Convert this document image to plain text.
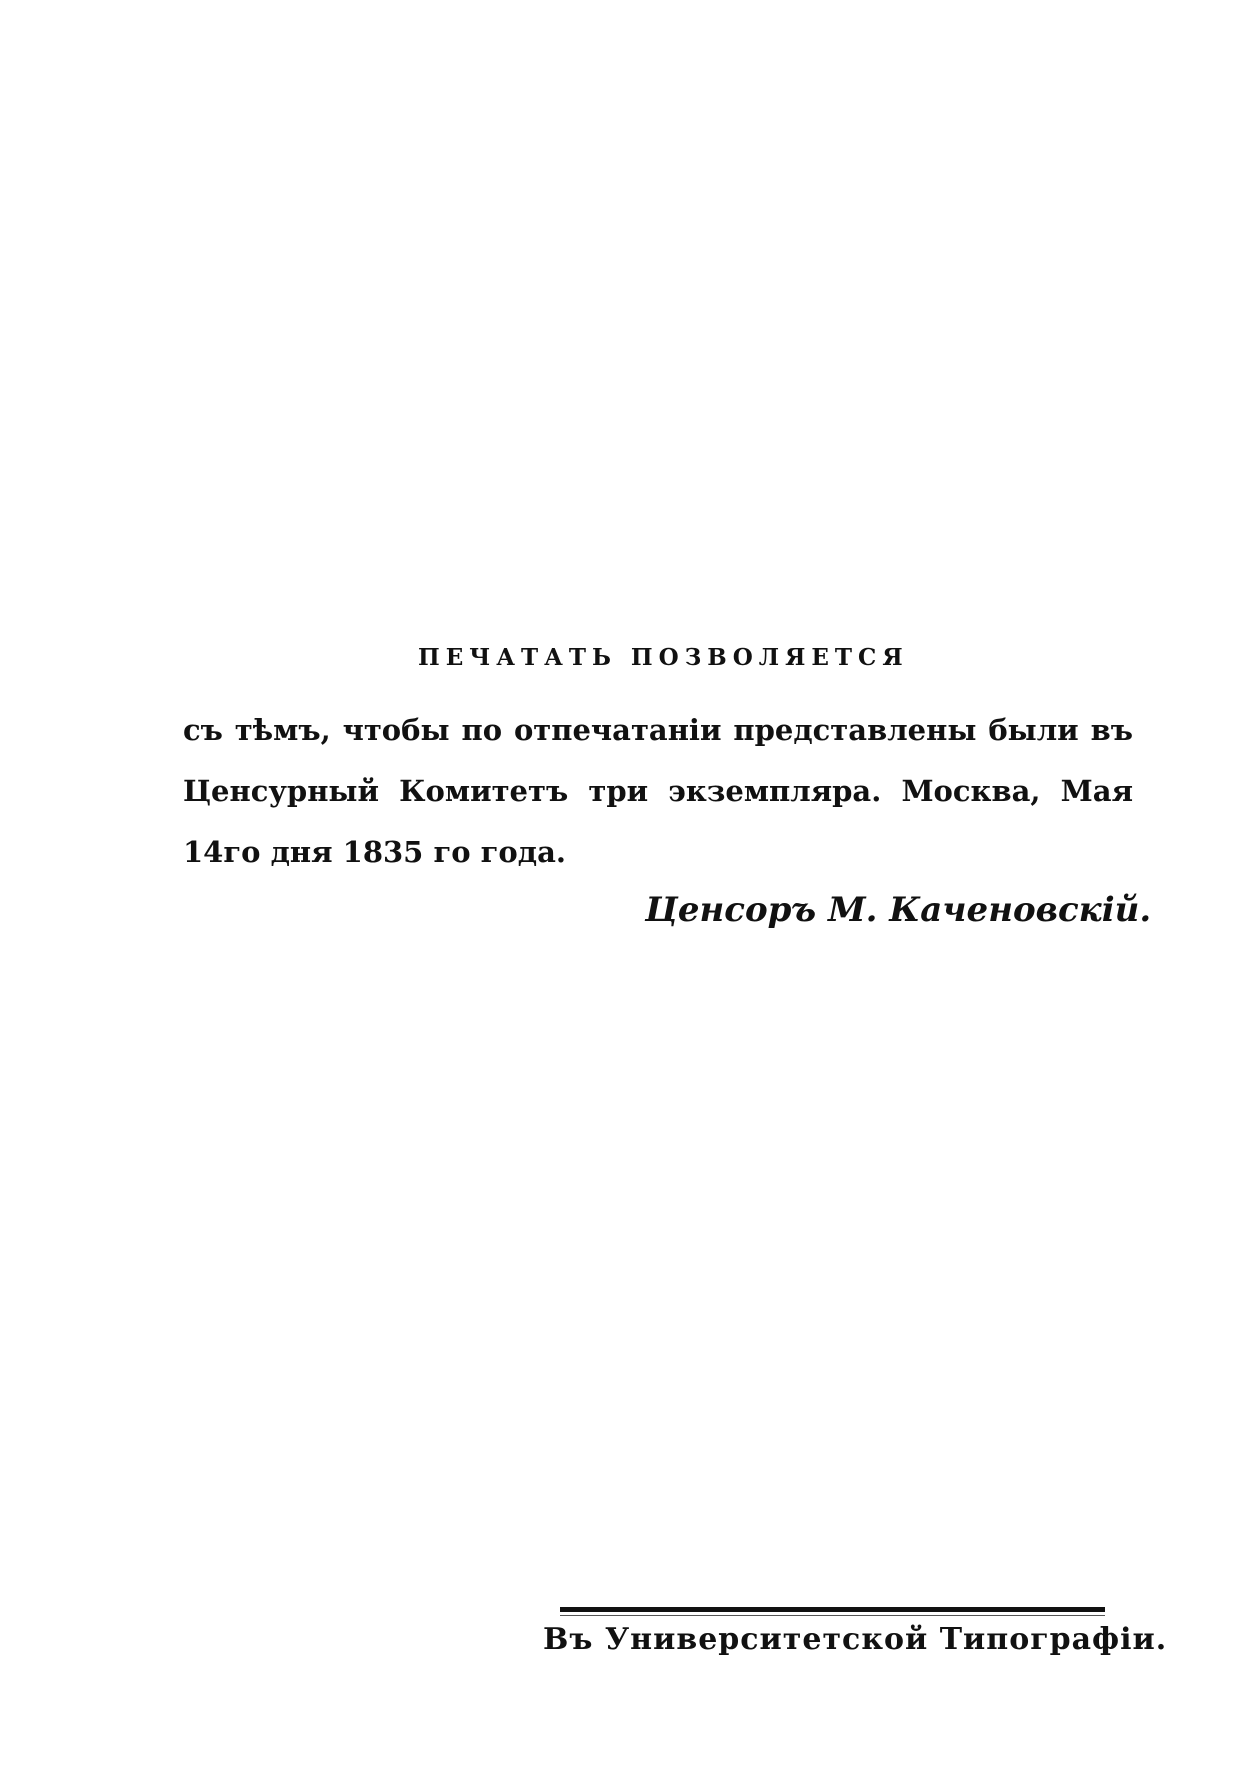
ПЕЧАТАТЬ ПОЗВОЛЯЕТСЯ
съ тѣмъ, чтобы по отпечатаніи представлены были въ Ценсурный Комитетъ три экземпляра. Москва, Мая 14го дня 1835 го года.
Ценсоръ М. Каченовскій.
Въ Университетской Типографіи.
